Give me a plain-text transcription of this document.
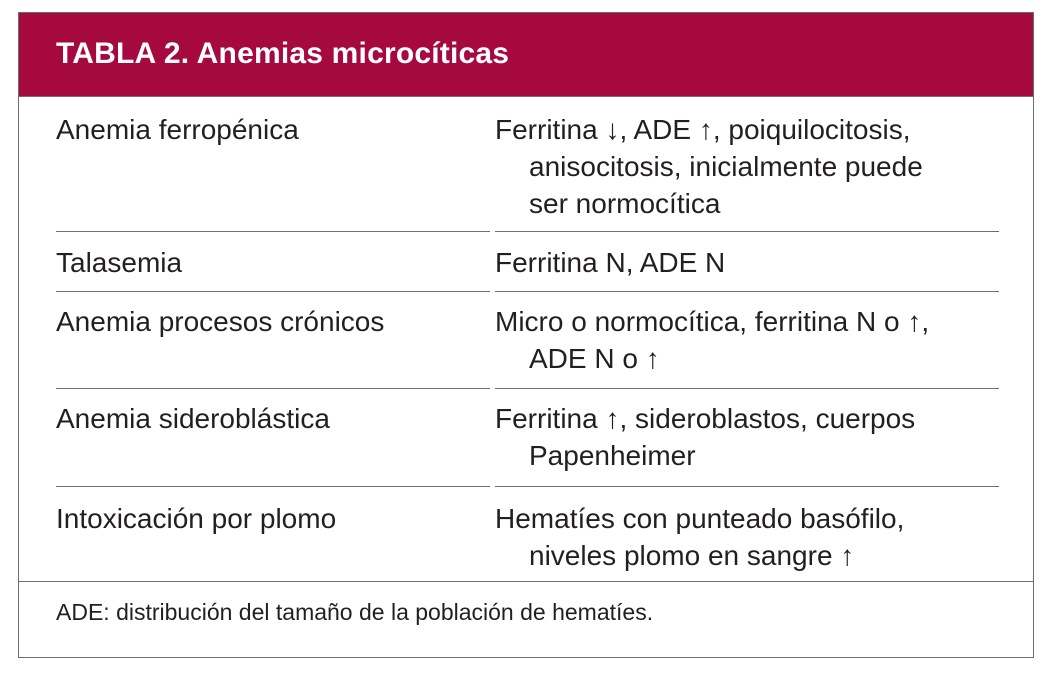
TABLA 2. Anemias microcíticas
Anemia ferropénica	Ferritina ↓, ADE ↑, poiquilocitosis,
anisocitosis, inicialmente puede
ser normocítica
Talasemia	Ferritina N, ADE N
Anemia procesos crónicos	Micro o normocítica, ferritina N o ↑,
ADE N o ↑
Anemia sideroblástica	Ferritina ↑, sideroblastos, cuerpos
Papenheimer
Intoxicación por plomo	Hematíes con punteado basófilo,
niveles plomo en sangre ↑
ADE: distribución del tamaño de la población de hematíes.
